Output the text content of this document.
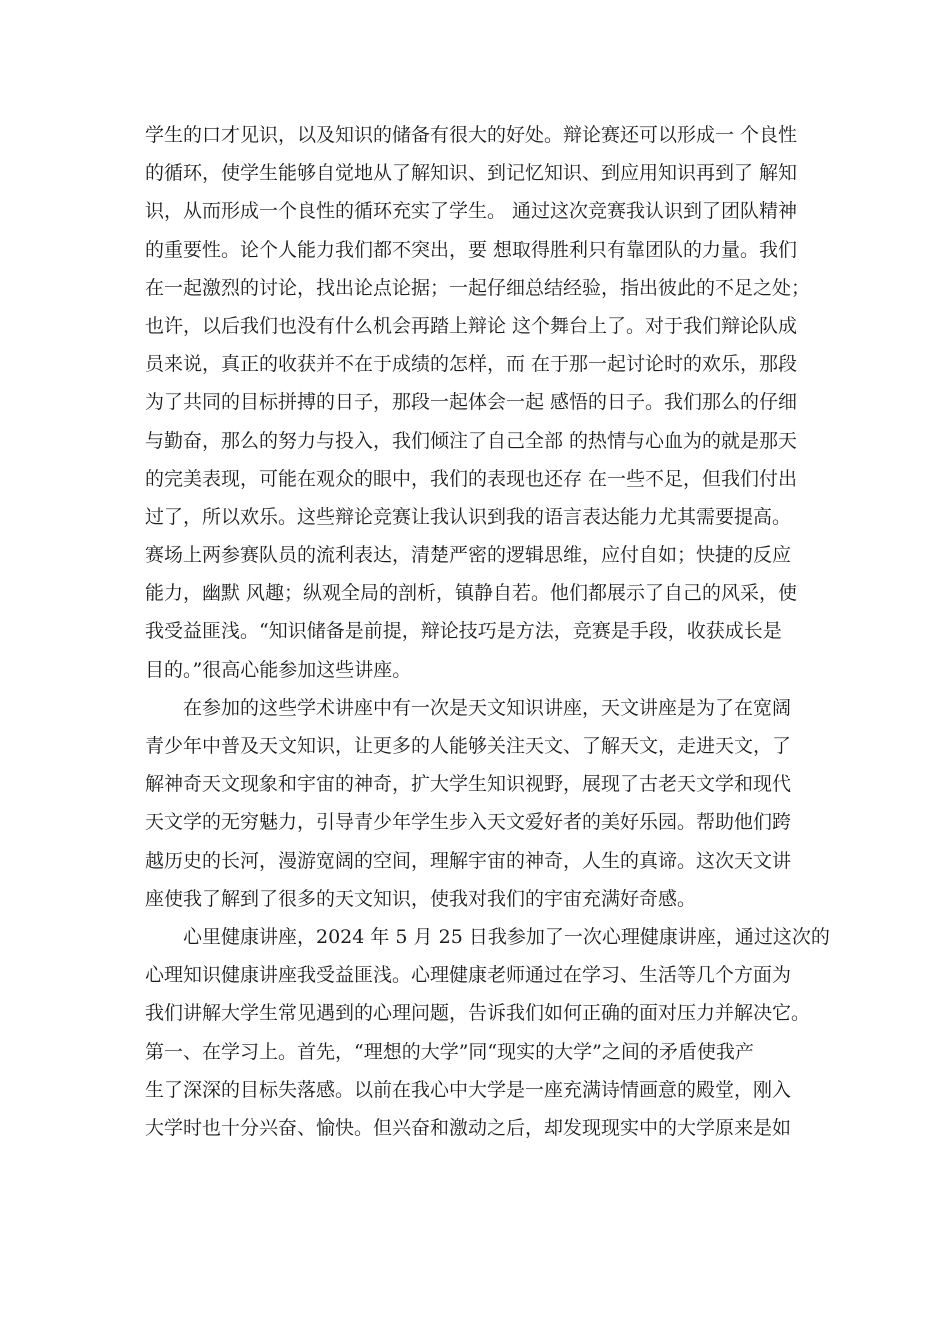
学生的口才见识，以及知识的储备有很大的好处。辩论赛还可以形成一 个良性
的循环，使学生能够自觉地从了解知识、到记忆知识、到应用知识再到了 解知
识，从而形成一个良性的循环充实了学生。 通过这次竞赛我认识到了团队精神
的重要性。论个人能力我们都不突出，要 想取得胜利只有靠团队的力量。我们
在一起激烈的讨论，找出论点论据；一起仔细总结经验，指出彼此的不足之处；
也许，以后我们也没有什么机会再踏上辩论 这个舞台上了。对于我们辩论队成
员来说，真正的收获并不在于成绩的怎样，而 在于那一起讨论时的欢乐，那段
为了共同的目标拼搏的日子，那段一起体会一起 感悟的日子。我们那么的仔细
与勤奋，那么的努力与投入，我们倾注了自己全部 的热情与心血为的就是那天
的完美表现，可能在观众的眼中，我们的表现也还存 在一些不足，但我们付出
过了，所以欢乐。这些辩论竞赛让我认识到我的语言表达能力尤其需要提高。
赛场上两参赛队员的流利表达，清楚严密的逻辑思维，应付自如；快捷的反应
能力，幽默 风趣；纵观全局的剖析，镇静自若。他们都展示了自己的风采，使
我受益匪浅。“知识储备是前提，辩论技巧是方法，竞赛是手段，收获成长是
目的。”很高心能参加这些讲座。
在参加的这些学术讲座中有一次是天文知识讲座，天文讲座是为了在宽阔
青少年中普及天文知识，让更多的人能够关注天文、了解天文，走进天文，了
解神奇天文现象和宇宙的神奇，扩大学生知识视野，展现了古老天文学和现代
天文学的无穷魅力，引导青少年学生步入天文爱好者的美好乐园。帮助他们跨
越历史的长河，漫游宽阔的空间，理解宇宙的神奇，人生的真谛。这次天文讲
座使我了解到了很多的天文知识，使我对我们的宇宙充满好奇感。
心里健康讲座，2024 年 5 月 25 日我参加了一次心理健康讲座，通过这次的
心理知识健康讲座我受益匪浅。心理健康老师通过在学习、生活等几个方面为
我们讲解大学生常见遇到的心理问题，告诉我们如何正确的面对压力并解决它。
第一、在学习上。首先，“理想的大学”同“现实的大学”之间的矛盾使我产
生了深深的目标失落感。以前在我心中大学是一座充满诗情画意的殿堂，刚入
大学时也十分兴奋、愉快。但兴奋和激动之后，却发现现实中的大学原来是如
